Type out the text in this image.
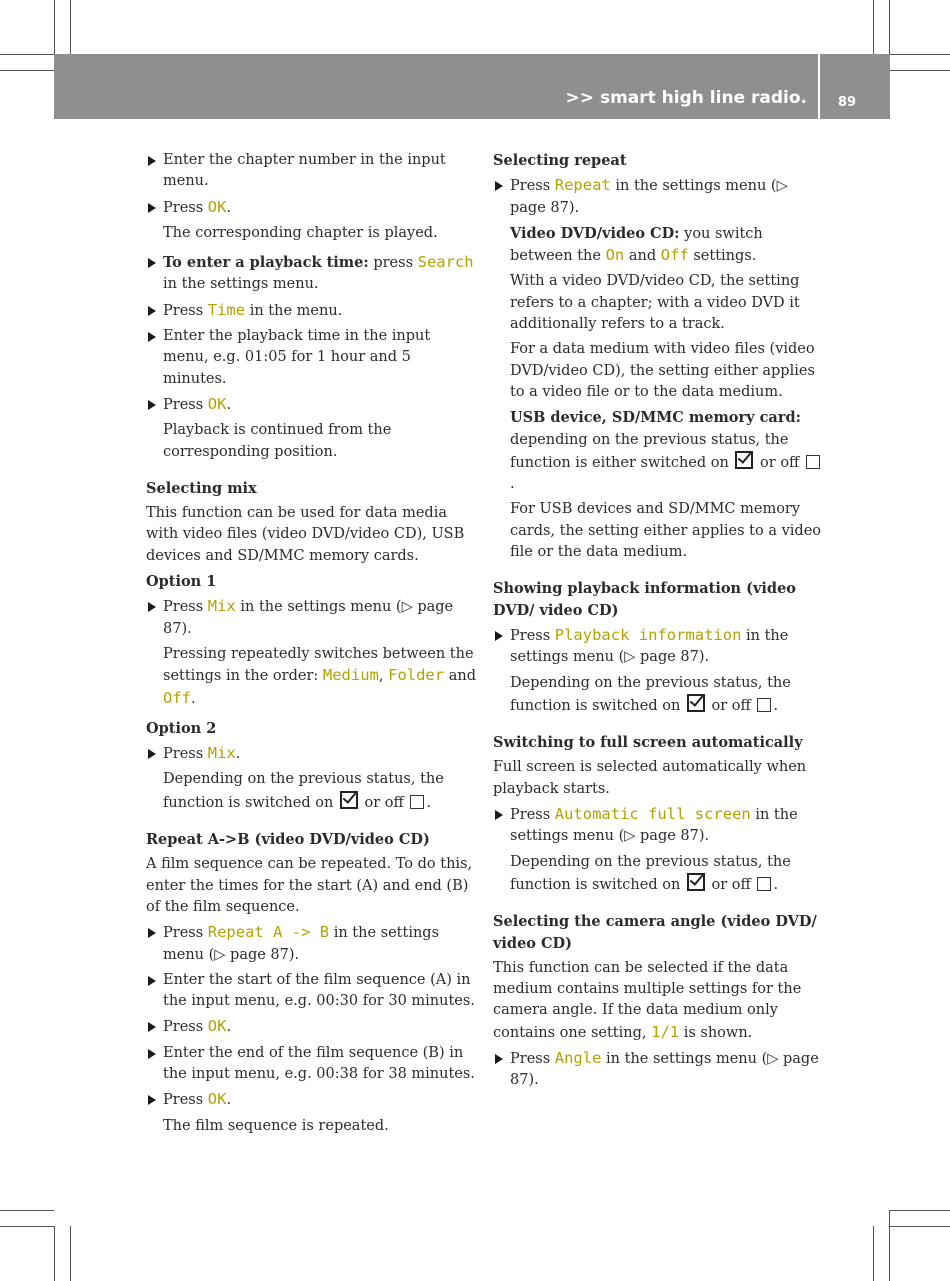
>> smart high line radio. 89
Enter the chapter number in the input menu.
Press OK.
The corresponding chapter is played.
To enter a playback time: press Search in the settings menu.
Press Time in the menu.
Enter the playback time in the input menu, e.g. 01:05 for 1 hour and 5 minutes.
Press OK.
Playback is continued from the corresponding position.
Selecting mix
This function can be used for data media with video files (video DVD/video CD), USB devices and SD/MMC memory cards.
Option 1
Press Mix in the settings menu (▷ page 87).
Pressing repeatedly switches between the settings in the order: Medium, Folder and Off.
Option 2
Press Mix.
Depending on the previous status, the function is switched on  or off .
Repeat A->B (video DVD/video CD)
A film sequence can be repeated. To do this, enter the times for the start (A) and end (B) of the film sequence.
Press Repeat A -> B in the settings menu (▷ page 87).
Enter the start of the film sequence (A) in the input menu, e.g. 00:30 for 30 minutes.
Press OK.
Enter the end of the film sequence (B) in the input menu, e.g. 00:38 for 38 minutes.
Press OK.
The film sequence is repeated.
Selecting repeat
Press Repeat in the settings menu (▷ page 87).
Video DVD/video CD: you switch between the On and Off settings.
With a video DVD/video CD, the setting refers to a chapter; with a video DVD it additionally refers to a track.
For a data medium with video files (video DVD/video CD), the setting either applies to a video file or to the data medium.
USB device, SD/MMC memory card: depending on the previous status, the function is either switched on  or off .
For USB devices and SD/MMC memory cards, the setting either applies to a video file or the data medium.
Showing playback information (video DVD/ video CD)
Press Playback information in the settings menu (▷ page 87).
Depending on the previous status, the function is switched on  or off .
Switching to full screen automatically
Full screen is selected automatically when playback starts.
Press Automatic full screen in the settings menu (▷ page 87).
Depending on the previous status, the function is switched on  or off .
Selecting the camera angle (video DVD/ video CD)
This function can be selected if the data medium contains multiple settings for the camera angle. If the data medium only contains one setting, 1/1 is shown.
Press Angle in the settings menu (▷ page 87).
